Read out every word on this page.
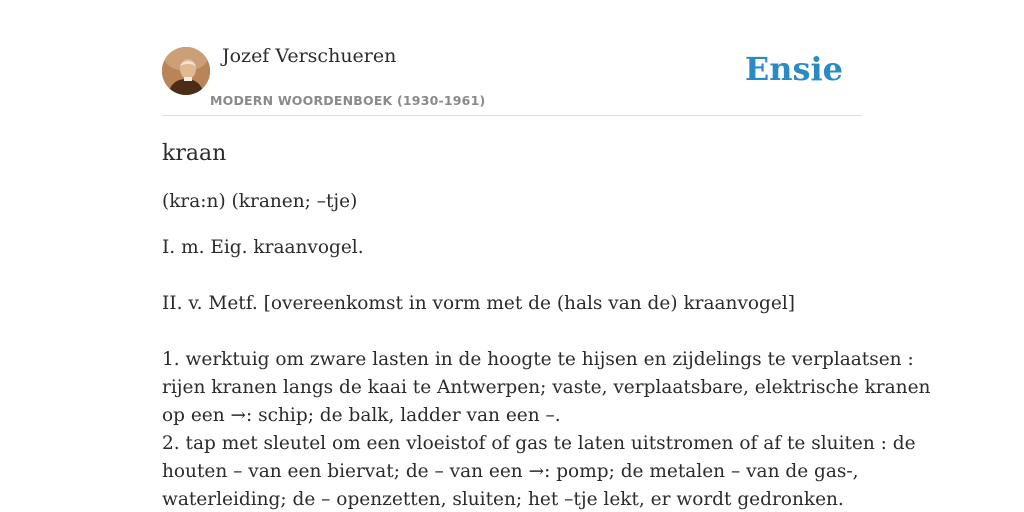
Jozef Verschueren
MODERN WOORDENBOEK (1930-1961)
Ensie
kraan
(kra:n) (kranen; –tje)

I. m. Eig. kraanvogel.

II. v. Metf. [overeenkomst in vorm met de (hals van de) kraanvogel]

1. werktuig om zware lasten in de hoogte te hijsen en zijdelings te verplaatsen :

rijen kranen langs de kaai te Antwerpen; vaste, verplaatsbare, elektrische kranen

op een →: schip; de balk, ladder van een –.

2. tap met sleutel om een vloeistof of gas te laten uitstromen of af te sluiten : de

houten – van een biervat; de – van een →: pomp; de metalen – van de gas-,

waterleiding; de – openzetten, sluiten; het –tje lekt, er wordt gedronken.
